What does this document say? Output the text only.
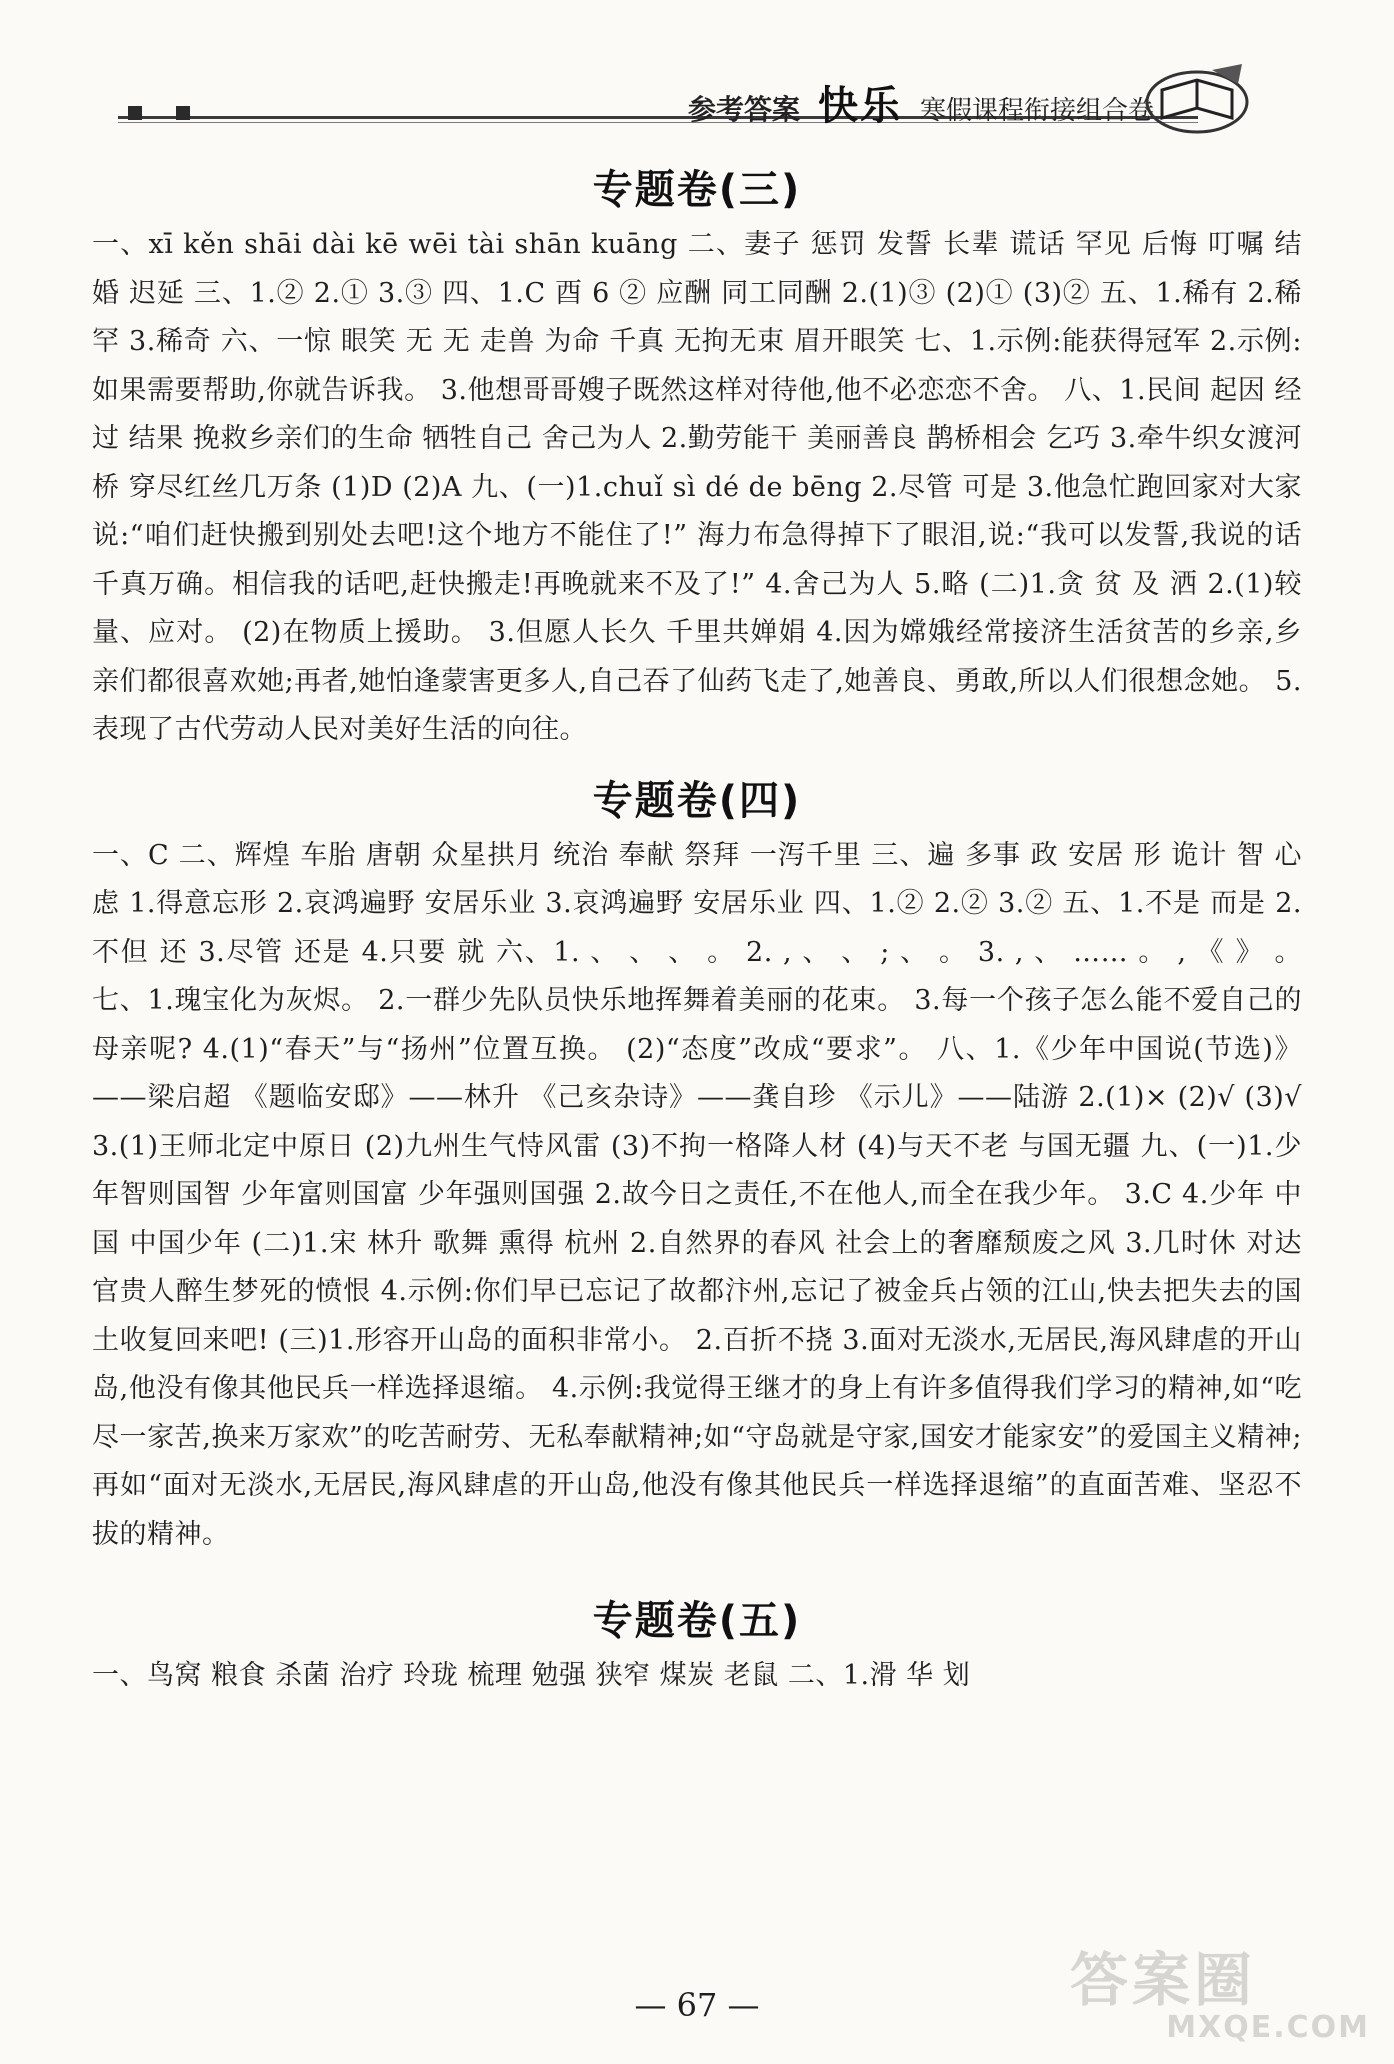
参考答案 快乐 寒假课程衔接组合卷
专题卷(三)

一、xī kěn shāi dài kē wēi tài shān kuāng 二、妻子 惩罚 发誓 长辈 谎话 罕见 后悔 叮嘱 结婚 迟延 三、1.② 2.① 3.③ 四、1.C 酉 6 ② 应酬 同工同酬 2.(1)③ (2)① (3)② 五、1.稀有 2.稀罕 3.稀奇 六、一惊 眼笑 无 无 走兽 为命 千真 无拘无束 眉开眼笑 七、1.示例:能获得冠军 2.示例:如果需要帮助,你就告诉我。 3.他想哥哥嫂子既然这样对待他,他不必恋恋不舍。 八、1.民间 起因 经过 结果 挽救乡亲们的生命 牺牲自己 舍己为人 2.勤劳能干 美丽善良 鹊桥相会 乞巧 3.牵牛织女渡河桥 穿尽红丝几万条 (1)D (2)A 九、(一)1.chuǐ sì dé de bēng 2.尽管 可是 3.他急忙跑回家对大家说:“咱们赶快搬到别处去吧!这个地方不能住了!” 海力布急得掉下了眼泪,说:“我可以发誓,我说的话千真万确。相信我的话吧,赶快搬走!再晚就来不及了!” 4.舍己为人 5.略 (二)1.贪 贫 及 洒 2.(1)较量、应对。 (2)在物质上援助。 3.但愿人长久 千里共婵娟 4.因为嫦娥经常接济生活贫苦的乡亲,乡亲们都很喜欢她;再者,她怕逢蒙害更多人,自己吞了仙药飞走了,她善良、勇敢,所以人们很想念她。 5.表现了古代劳动人民对美好生活的向往。

专题卷(四)

一、C 二、辉煌 车胎 唐朝 众星拱月 统治 奉献 祭拜 一泻千里 三、遍 多事 政 安居 形 诡计 智 心 虑 1.得意忘形 2.哀鸿遍野 安居乐业 3.哀鸿遍野 安居乐业 四、1.② 2.② 3.② 五、1.不是 而是 2.不但 还 3.尽管 还是 4.只要 就 六、1. 、 、 、 。 2. , 、 、 ; 、 。 3. , 、 …… 。 , 《 》 。 七、1.瑰宝化为灰烬。 2.一群少先队员快乐地挥舞着美丽的花束。 3.每一个孩子怎么能不爱自己的母亲呢? 4.(1)“春天”与“扬州”位置互换。 (2)“态度”改成“要求”。 八、1.《少年中国说(节选)》——梁启超 《题临安邸》——林升 《己亥杂诗》——龚自珍 《示儿》——陆游 2.(1)× (2)√ (3)√ 3.(1)王师北定中原日 (2)九州生气恃风雷 (3)不拘一格降人材 (4)与天不老 与国无疆 九、(一)1.少年智则国智 少年富则国富 少年强则国强 2.故今日之责任,不在他人,而全在我少年。 3.C 4.少年 中国 中国少年 (二)1.宋 林升 歌舞 熏得 杭州 2.自然界的春风 社会上的奢靡颓废之风 3.几时休 对达官贵人醉生梦死的愤恨 4.示例:你们早已忘记了故都汴州,忘记了被金兵占领的江山,快去把失去的国土收复回来吧! (三)1.形容开山岛的面积非常小。 2.百折不挠 3.面对无淡水,无居民,海风肆虐的开山岛,他没有像其他民兵一样选择退缩。 4.示例:我觉得王继才的身上有许多值得我们学习的精神,如“吃尽一家苦,换来万家欢”的吃苦耐劳、无私奉献精神;如“守岛就是守家,国安才能家安”的爱国主义精神;再如“面对无淡水,无居民,海风肆虐的开山岛,他没有像其他民兵一样选择退缩”的直面苦难、坚忍不拔的精神。

专题卷(五)

一、鸟窝 粮食 杀菌 治疗 玲珑 梳理 勉强 狭窄 煤炭 老鼠 二、1.滑 华 划

— 67 —	答案圈
MXQE.COM
